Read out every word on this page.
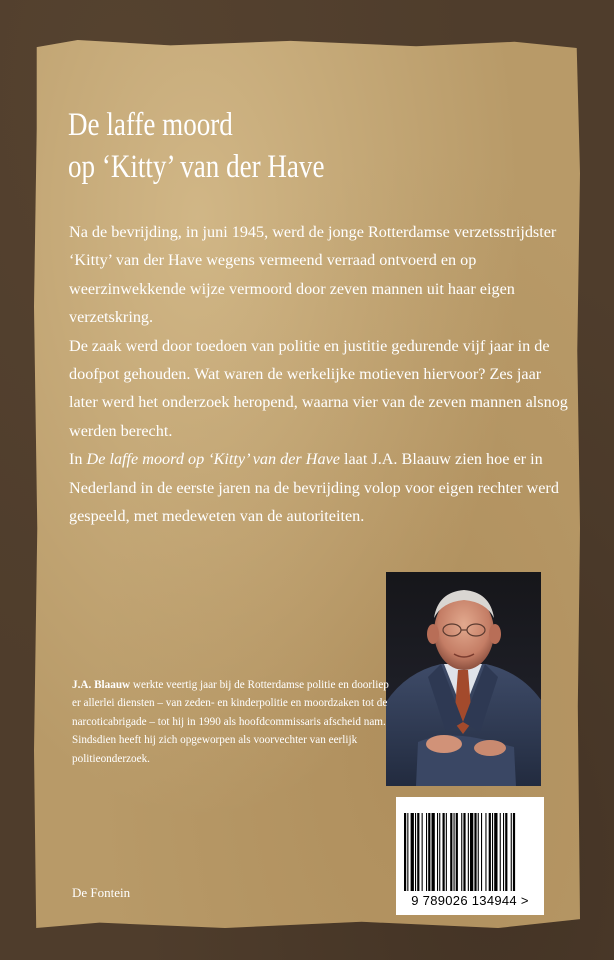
De laffe moord
op ‘Kitty’ van der Have

Na de bevrijding, in juni 1945, werd de jonge Rotterdamse verzetsstrijdster ‘Kitty’ van der Have wegens vermeend verraad ontvoerd en op weerzinwekkende wijze vermoord door zeven mannen uit haar eigen verzetskring.

De zaak werd door toedoen van politie en justitie gedurende vijf jaar in de doofpot gehouden. Wat waren de werkelijke motieven hiervoor? Zes jaar later werd het onderzoek heropend, waarna vier van de zeven mannen alsnog werden berecht.

In De laffe moord op ‘Kitty’ van der Have laat J.A. Blaauw zien hoe er in Nederland in de eerste jaren na de bevrijding volop voor eigen rechter werd gespeeld, met medeweten van de autoriteiten.

J.A. Blaauw werkte veertig jaar bij de Rotterdamse politie en doorliep er allerlei diensten – van zeden- en kinderpolitie en moordzaken tot de narcoticabrigade – tot hij in 1990 als hoofdcommissaris afscheid nam. Sindsdien heeft hij zich opgeworpen als voorvechter van eerlijk politieonderzoek.
9 789026 134944 >
De Fontein
